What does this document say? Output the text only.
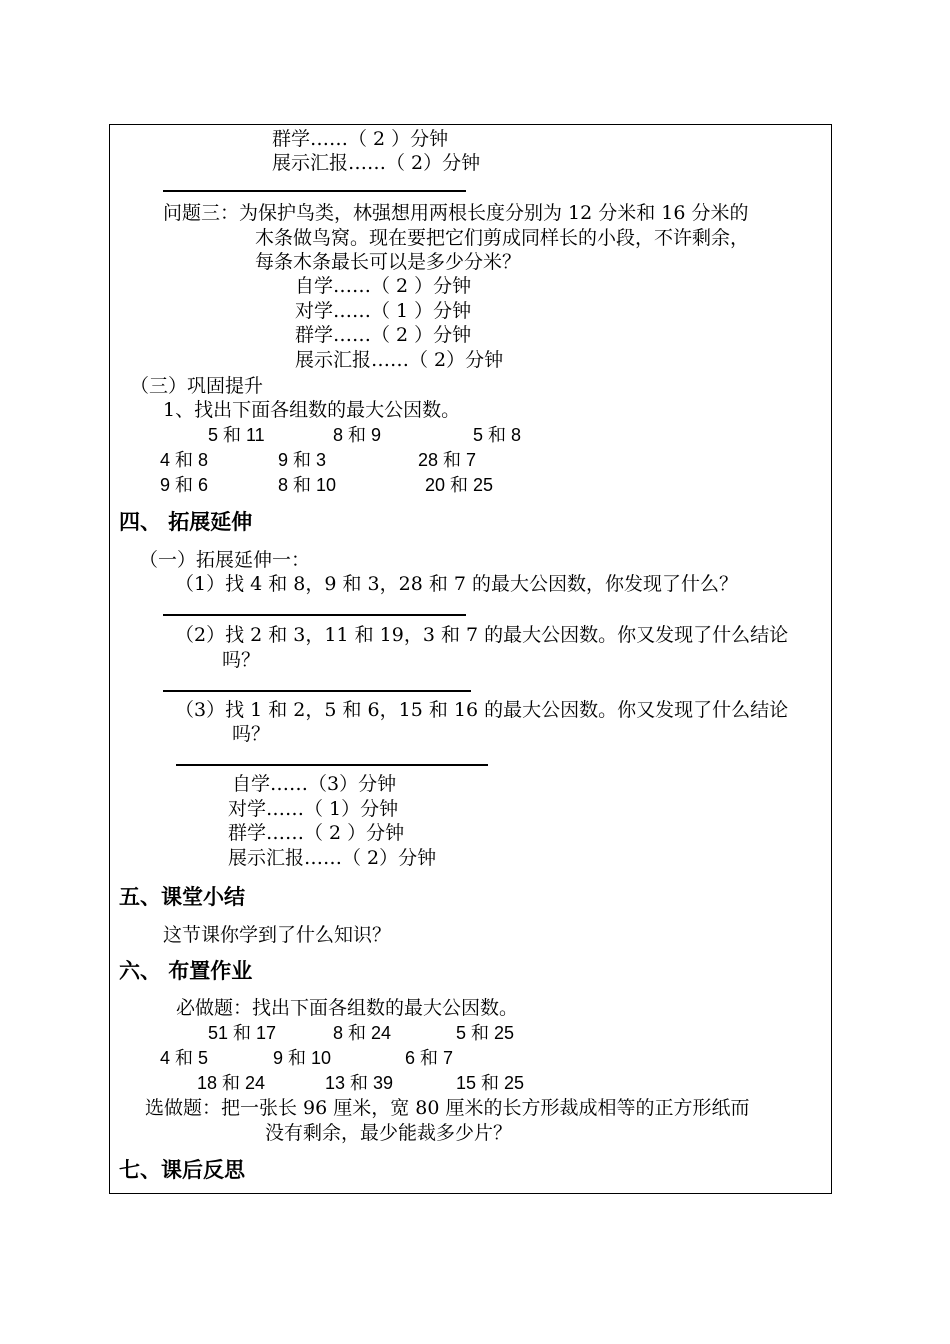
群学……（ 2 ）分钟
展示汇报……（ 2）分钟
问题三：为保护鸟类，林强想用两根长度分别为 12 分米和 16 分米的
木条做鸟窝。现在要把它们剪成同样长的小段，不许剩余，
每条木条最长可以是多少分米？
自学……（ 2 ）分钟
对学……（ 1 ）分钟
群学……（ 2 ）分钟
展示汇报……（ 2）分钟
（三）巩固提升
1、找出下面各组数的最大公因数。
5 和 11	8 和 9	5 和 8
4 和 8	9 和 3	28 和 7
9 和 6	8 和 10	20 和 25
四、 拓展延伸
（一）拓展延伸一：
（1）找 4 和 8，9 和 3，28 和 7 的最大公因数，你发现了什么？
（2）找 2 和 3，11 和 19，3 和 7 的最大公因数。你又发现了什么结论
吗？
（3）找 1 和 2，5 和 6，15 和 16 的最大公因数。你又发现了什么结论
吗？
自学……（3）分钟
对学……（ 1）分钟
群学……（ 2 ）分钟
展示汇报……（ 2）分钟
五、课堂小结
这节课你学到了什么知识？
六、 布置作业
必做题：找出下面各组数的最大公因数。
51 和 17	8 和 24	5 和 25
4 和 5	9 和 10	6 和 7
18 和 24	13 和 39	15 和 25
选做题：把一张长 96 厘米，宽 80 厘米的长方形裁成相等的正方形纸而
没有剩余，最少能裁多少片？
七、课后反思
